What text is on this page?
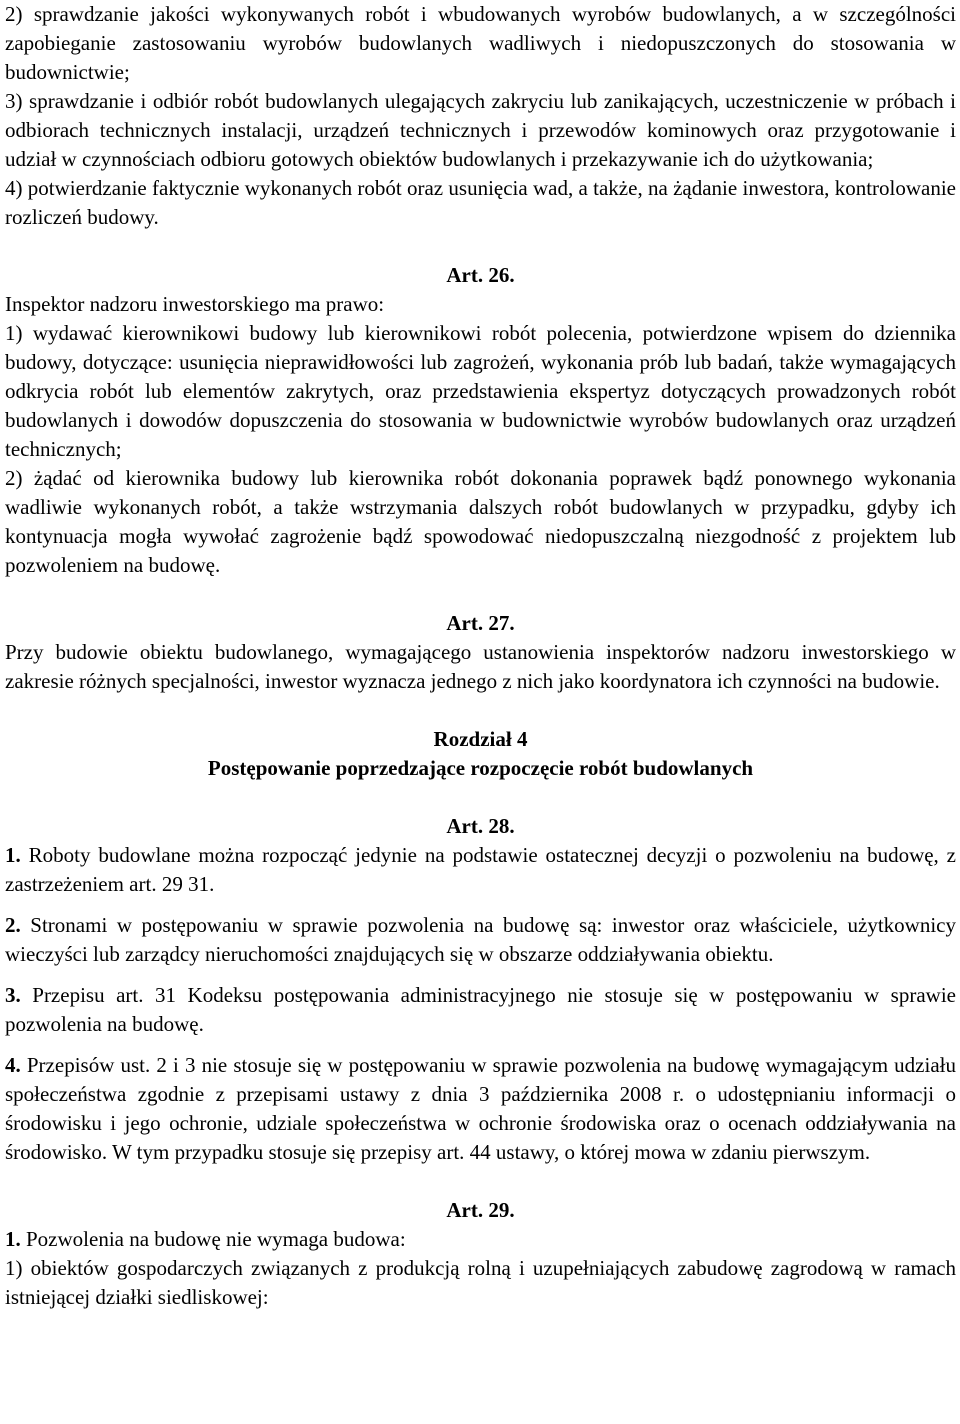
2) sprawdzanie jakości wykonywanych robót i wbudowanych wyrobów budowlanych, a w szczególności zapobieganie zastosowaniu wyrobów budowlanych wadliwych i niedopuszczonych do stosowania w budownictwie;

3) sprawdzanie i odbiór robót budowlanych ulegających zakryciu lub zanikających, uczestniczenie w próbach i odbiorach technicznych instalacji, urządzeń technicznych i przewodów kominowych oraz przygotowanie i udział w czynnościach odbioru gotowych obiektów budowlanych i przekazywanie ich do użytkowania;

4) potwierdzanie faktycznie wykonanych robót oraz usunięcia wad, a także, na żądanie inwestora, kontrolowanie rozliczeń budowy.

Art. 26.

Inspektor nadzoru inwestorskiego ma prawo:

1) wydawać kierownikowi budowy lub kierownikowi robót polecenia, potwierdzone wpisem do dziennika budowy, dotyczące: usunięcia nieprawidłowości lub zagrożeń, wykonania prób lub badań, także wymagających odkrycia robót lub elementów zakrytych, oraz przedstawienia ekspertyz dotyczących prowadzonych robót budowlanych i dowodów dopuszczenia do stosowania w budownictwie wyrobów budowlanych oraz urządzeń technicznych;

2) żądać od kierownika budowy lub kierownika robót dokonania poprawek bądź ponownego wykonania wadliwie wykonanych robót, a także wstrzymania dalszych robót budowlanych w przypadku, gdyby ich kontynuacja mogła wywołać zagrożenie bądź spowodować niedopuszczalną niezgodność z projektem lub pozwoleniem na budowę.

Art. 27.

Przy budowie obiektu budowlanego, wymagającego ustanowienia inspektorów nadzoru inwestorskiego w zakresie różnych specjalności, inwestor wyznacza jednego z nich jako koordynatora ich czynności na budowie.

Rozdział 4

Postępowanie poprzedzające rozpoczęcie robót budowlanych

Art. 28.

1. Roboty budowlane można rozpocząć jedynie na podstawie ostatecznej decyzji o pozwoleniu na budowę, z zastrzeżeniem art. 29 31.

2. Stronami w postępowaniu w sprawie pozwolenia na budowę są: inwestor oraz właściciele, użytkownicy wieczyści lub zarządcy nieruchomości znajdujących się w obszarze oddziaływania obiektu.

3. Przepisu art. 31 Kodeksu postępowania administracyjnego nie stosuje się w postępowaniu w sprawie pozwolenia na budowę.

4. Przepisów ust. 2 i 3 nie stosuje się w postępowaniu w sprawie pozwolenia na budowę wymagającym udziału społeczeństwa zgodnie z przepisami ustawy z dnia 3 października 2008 r. o udostępnianiu informacji o środowisku i jego ochronie, udziale społeczeństwa w ochronie środowiska oraz o ocenach oddziaływania na środowisko. W tym przypadku stosuje się przepisy art. 44 ustawy, o której mowa w zdaniu pierwszym.

Art. 29.

1. Pozwolenia na budowę nie wymaga budowa:

1) obiektów gospodarczych związanych z produkcją rolną i uzupełniających zabudowę zagrodową w ramach istniejącej działki siedliskowej:
